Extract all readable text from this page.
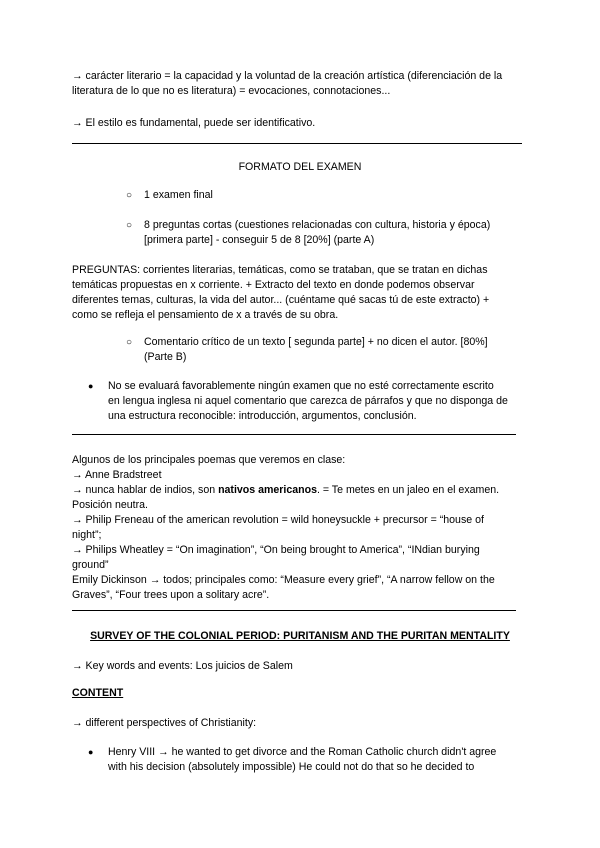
→ carácter literario = la capacidad y la voluntad de la creación artística (diferenciación de la
literatura de lo que no es literatura) = evocaciones, connotaciones...

→ El estilo es fundamental, puede ser identificativo.

FORMATO DEL EXAMEN

○ 1 examen final

○ 8 preguntas cortas (cuestiones relacionadas con cultura, historia y época)
[primera parte] - conseguir 5 de 8 [20%] (parte A)

PREGUNTAS: corrientes literarias, temáticas, como se trataban, que se tratan en dichas
temáticas propuestas en x corriente. + Extracto del texto en donde podemos observar
diferentes temas, culturas, la vida del autor... (cuéntame qué sacas tú de este extracto) +
como se refleja el pensamiento de x a través de su obra.

○ Comentario crítico de un texto [ segunda parte] + no dicen el autor. [80%]
(Parte B)

● No se evaluará favorablemente ningún examen que no esté correctamente escrito
en lengua inglesa ni aquel comentario que carezca de párrafos y que no disponga de
una estructura reconocible: introducción, argumentos, conclusión.

Algunos de los principales poemas que veremos en clase:
→ Anne Bradstreet
→ nunca hablar de indios, son nativos americanos. = Te metes en un jaleo en el examen.
Posición neutra.
→ Philip Freneau of the american revolution = wild honeysuckle + precursor = “house of
night”;
→ Philips Wheatley = “On imagination”, “On being brought to America”, “INdian burying
ground”
Emily Dickinson → todos; principales como: “Measure every grief”, “A narrow fellow on the
Graves”, “Four trees upon a solitary acre”.

SURVEY OF THE COLONIAL PERIOD: PURITANISM AND THE PURITAN MENTALITY

→ Key words and events: Los juicios de Salem

CONTENT

→ different perspectives of Christianity:

● Henry VIII → he wanted to get divorce and the Roman Catholic church didn't agree
with his decision (absolutely impossible) He could not do that so he decided to
